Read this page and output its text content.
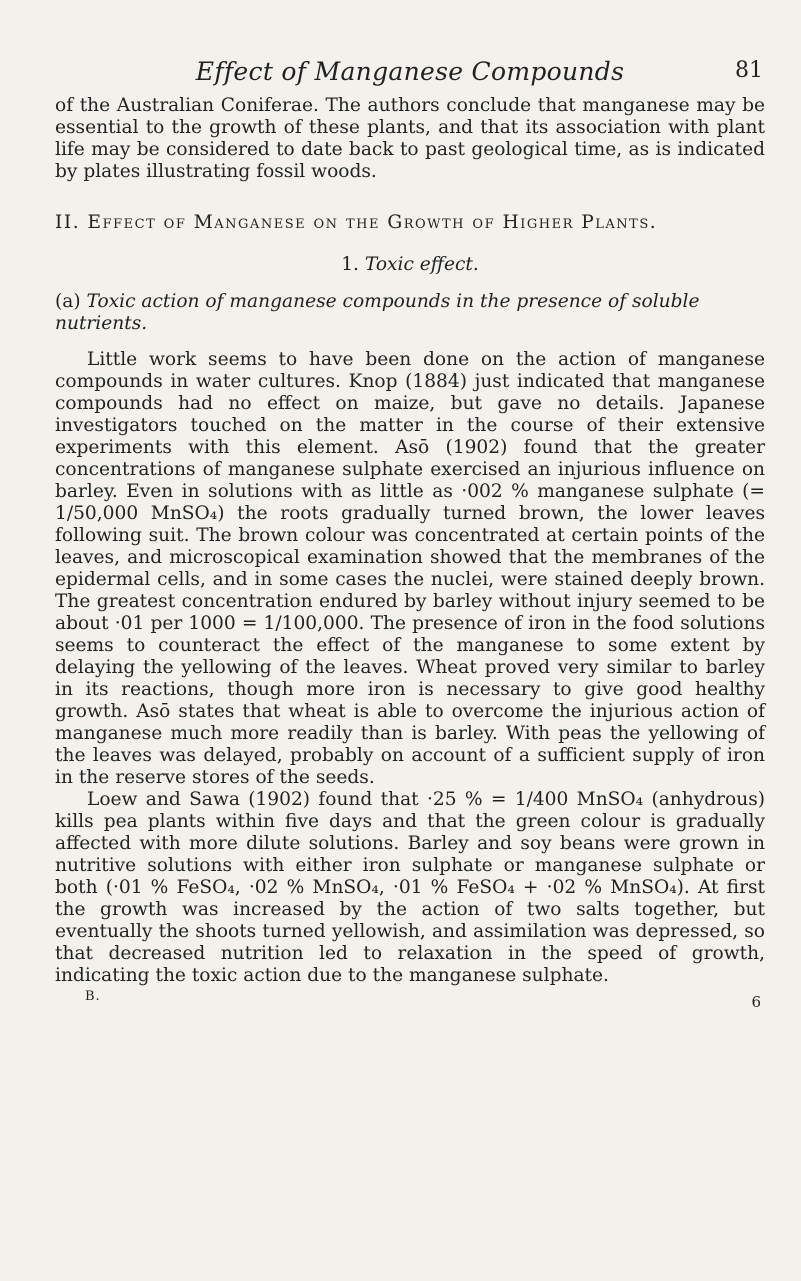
Effect of Manganese Compounds	81

of the Australian Coniferae. The authors conclude that manganese may be essential to the growth of these plants, and that its association with plant life may be considered to date back to past geological time, as is indicated by plates illustrating fossil woods.

II. Effect of Manganese on the Growth of Higher Plants.
1. Toxic effect.
(a) Toxic action of manganese compounds in the presence of soluble nutrients.

Little work seems to have been done on the action of manganese compounds in water cultures. Knop (1884) just indicated that manganese compounds had no effect on maize, but gave no details. Japanese investigators touched on the matter in the course of their extensive experiments with this element. Asō (1902) found that the greater concentrations of manganese sulphate exercised an injurious influence on barley. Even in solutions with as little as ·002 % manganese sulphate (= 1/50,000 MnSO₄) the roots gradually turned brown, the lower leaves following suit. The brown colour was concentrated at certain points of the leaves, and microscopical examination showed that the membranes of the epidermal cells, and in some cases the nuclei, were stained deeply brown. The greatest concentration endured by barley without injury seemed to be about ·01 per 1000 = 1/100,000. The presence of iron in the food solutions seems to counteract the effect of the manganese to some extent by delaying the yellowing of the leaves. Wheat proved very similar to barley in its reactions, though more iron is necessary to give good healthy growth. Asō states that wheat is able to overcome the injurious action of manganese much more readily than is barley. With peas the yellowing of the leaves was delayed, probably on account of a sufficient supply of iron in the reserve stores of the seeds.

Loew and Sawa (1902) found that ·25 % = 1/400 MnSO₄ (anhydrous) kills pea plants within five days and that the green colour is gradually affected with more dilute solutions. Barley and soy beans were grown in nutritive solutions with either iron sulphate or manganese sulphate or both (·01 % FeSO₄, ·02 % MnSO₄, ·01 % FeSO₄ + ·02 % MnSO₄). At first the growth was increased by the action of two salts together, but eventually the shoots turned yellowish, and assimilation was depressed, so that decreased nutrition led to relaxation in the speed of growth, indicating the toxic action due to the manganese sulphate.

B.	6
